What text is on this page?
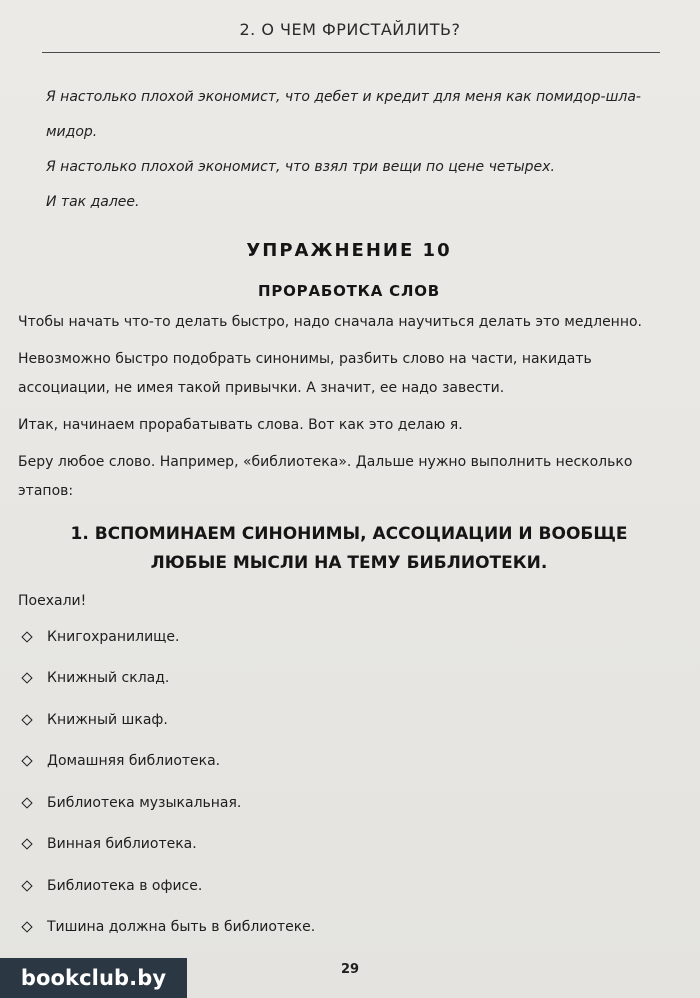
2. О ЧЕМ ФРИСТАЙЛИТЬ?
Я настолько плохой экономист, что дебет и кредит для меня как помидор-шла-
мидор.
Я настолько плохой экономист, что взял три вещи по цене четырех.
И так далее.
УПРАЖНЕНИЕ 10
ПРОРАБОТКА СЛОВ
Чтобы начать что-то делать быстро, надо сначала научиться делать это медленно.
Невозможно быстро подобрать синонимы, разбить слово на части, накидать ассоциации, не имея такой привычки. А значит, ее надо завести.
Итак, начинаем прорабатывать слова. Вот как это делаю я.
Беру любое слово. Например, «библиотека». Дальше нужно выполнить несколько этапов:
1. ВСПОМИНАЕМ СИНОНИМЫ, АССОЦИАЦИИ И ВООБЩЕ
ЛЮБЫЕ МЫСЛИ НА ТЕМУ БИБЛИОТЕКИ.
Поехали!
Книгохранилище.
Книжный склад.
Книжный шкаф.
Домашняя библиотека.
Библиотека музыкальная.
Винная библиотека.
Библиотека в офисе.
Тишина должна быть в библиотеке.
29
bookclub.by
